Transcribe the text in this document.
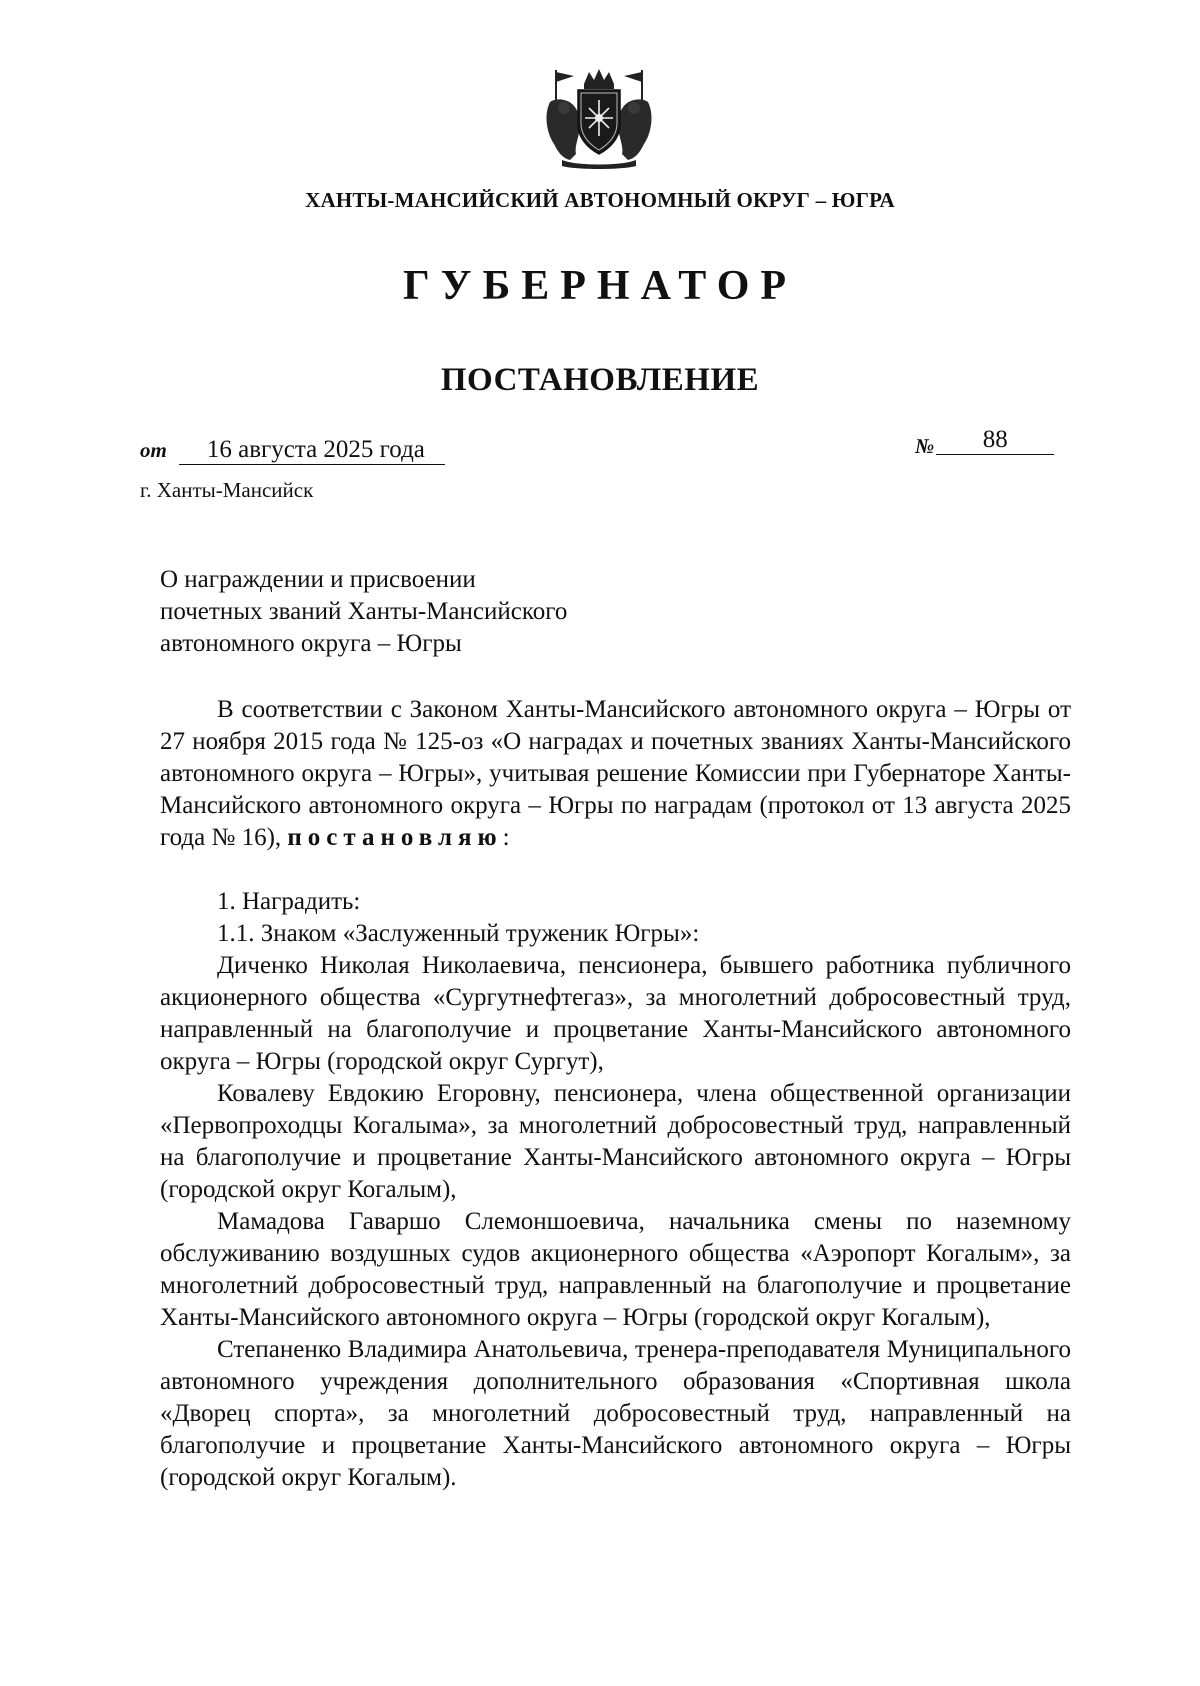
ХАНТЫ-МАНСИЙСКИЙ АВТОНОМНЫЙ ОКРУГ – ЮГРА
ГУБЕРНАТОР
ПОСТАНОВЛЕНИЕ
от 16 августа 2025 года	№ 88
г. Ханты-Мансийск
О награждении и присвоении
почетных званий Ханты-Мансийского
автономного округа – Югры

В соответствии с Законом Ханты-Мансийского автономного округа – Югры от 27 ноября 2015 года № 125-оз «О наградах и почетных званиях Ханты-Мансийского автономного округа – Югры», учитывая решение Комиссии при Губернаторе Ханты-Мансийского автономного округа – Югры по наградам (протокол от 13 августа 2025 года № 16), постановляю:

1. Наградить:

1.1. Знаком «Заслуженный труженик Югры»:

Диченко Николая Николаевича, пенсионера, бывшего работника публичного акционерного общества «Сургутнефтегаз», за многолетний добросовестный труд, направленный на благополучие и процветание Ханты-Мансийского автономного округа – Югры (городской округ Сургут),

Ковалеву Евдокию Егоровну, пенсионера, члена общественной организации «Первопроходцы Когалыма», за многолетний добросовестный труд, направленный на благополучие и процветание Ханты-Мансийского автономного округа – Югры (городской округ Когалым),

Мамадова Гаваршо Слемоншоевича, начальника смены по наземному обслуживанию воздушных судов акционерного общества «Аэропорт Когалым», за многолетний добросовестный труд, направленный на благополучие и процветание Ханты-Мансийского автономного округа – Югры (городской округ Когалым),

Степаненко Владимира Анатольевича, тренера-преподавателя Муниципального автономного учреждения дополнительного образования «Спортивная школа «Дворец спорта», за многолетний добросовестный труд, направленный на благополучие и процветание Ханты-Мансийского автономного округа – Югры (городской округ Когалым).
